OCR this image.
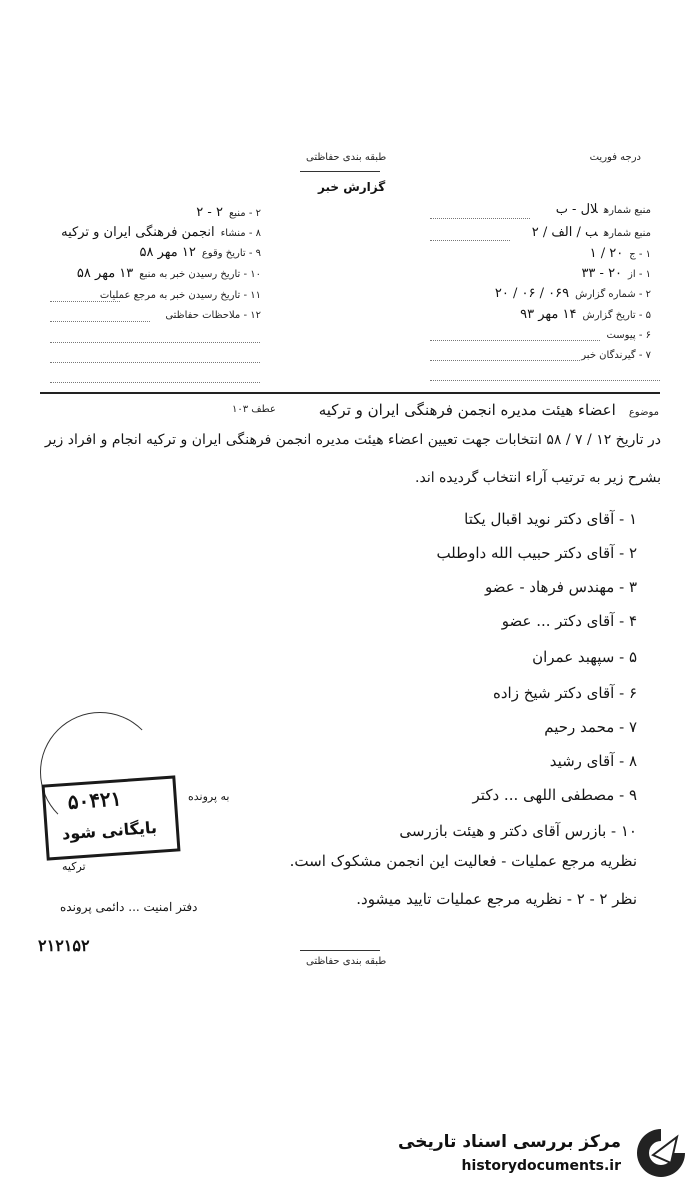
درجه فوریت
طبقه بندی حفاظتی
گزارش خبر
منبع شمارهلال - ب
منبع شمارهب / الف / ۲
۱ - ج۲۰ / ۱
۱ - از۲۰ - ۳۳
۲ - شماره گزارش۰۶۹ / ۰۶ / ۲۰
۵ - تاریخ گزارش۱۴ مهر ۹۳
۶ - پیوست
۷ - گیرندگان خبر
۲ - منبع۲ - ۲
۸ - منشاءانجمن فرهنگی ایران و ترکیه
۹ - تاریخ وقوع۱۲ مهر ۵۸
۱۰ - تاریخ رسیدن خبر به منبع۱۳ مهر ۵۸
۱۱ - تاریخ رسیدن خبر به مرجع عملیات
۱۲ - ملاحظات حفاظتی
موضوع اعضاء هیئت مدیره انجمن فرهنگی ایران و ترکیه
عطف ۱۰۳
در تاریخ ۱۲ / ۷ / ۵۸ انتخابات جهت تعیین اعضاء هیئت مدیره انجمن فرهنگی ایران و ترکیه انجام و افراد زیر
بشرح زیر به ترتیب آراء انتخاب گردیده اند.
۱ - آقای دکتر نوید اقبال یکتا
۲ - آقای دکتر حبیب الله داوطلب
۳ - مهندس فرهاد - عضو
۴ - آقای دکتر ... عضو
۵ - سپهبد عمران
۶ - آقای دکتر شیخ زاده
۷ - محمد رحیم
۸ - آقای رشید
۹ - مصطفی اللهی ... دکتر
۱۰ - بازرس آقای دکتر و هیئت بازرسی
نظریه مرجع عملیات - فعالیت این انجمن مشکوک است.
نظر ۲ - ۲ - نظریه مرجع عملیات تایید میشود.
به پرونده
ترکیه
دفتر امنیت ... دائمی پرونده
۲۱۲۱۵۲
۵۰۴۲۱
بایگانی شود
طبقه بندی حفاظتی
مرکز بررسی اسناد تاریخی
historydocuments.ir
